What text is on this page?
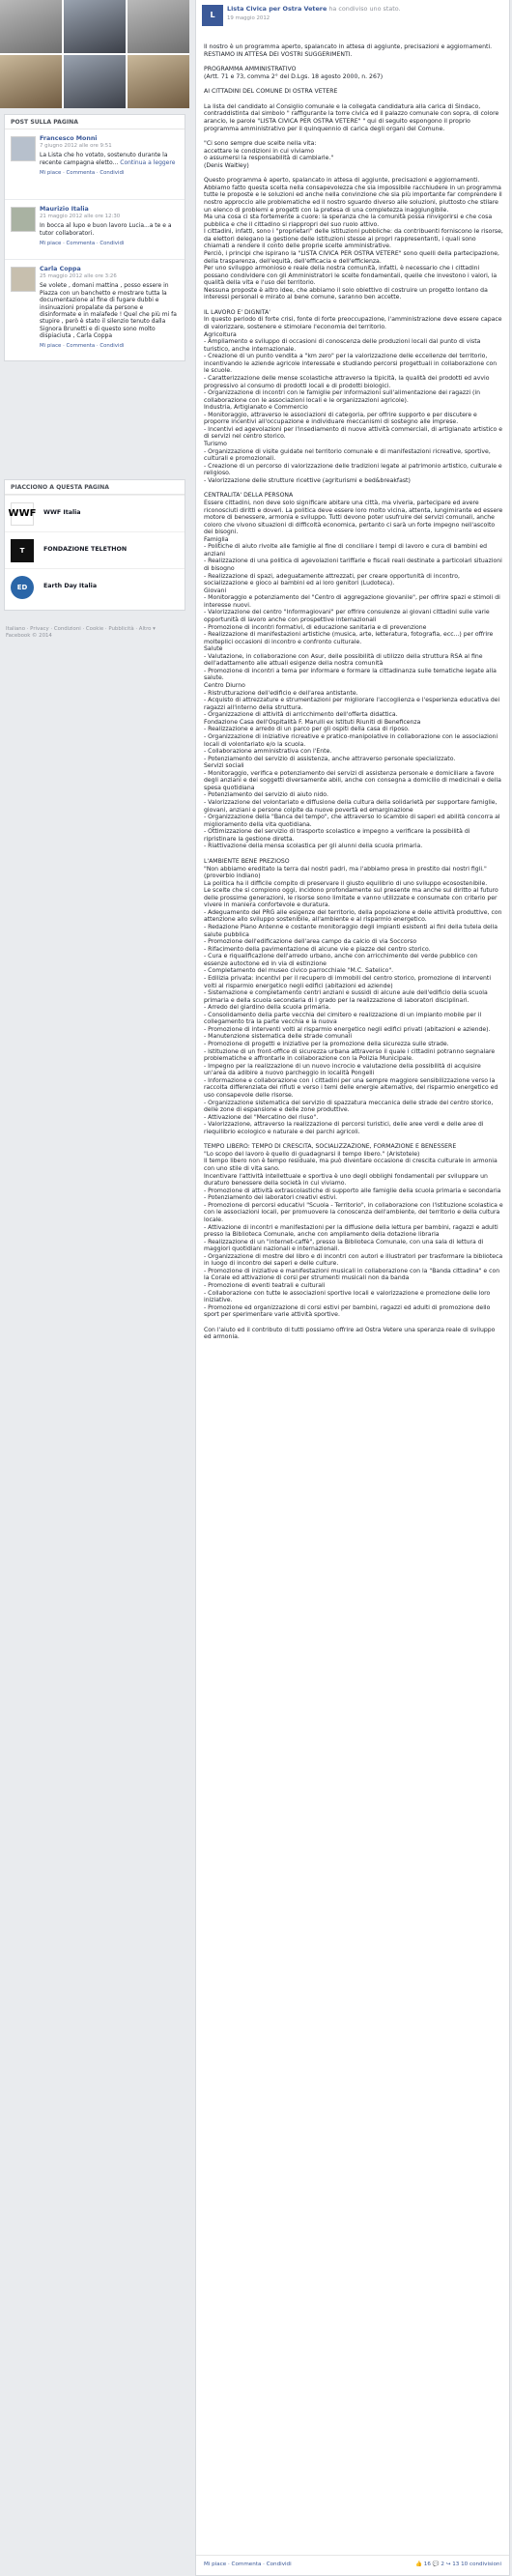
POST SULLA PAGINA
Francesco Monni
7 giugno 2012 alle ore 9:51
La Lista che ho votato, sostenuto durante la recente campagna eletto... Continua a leggere
Mi piace · Commenta · Condividi
Maurizio Italia
21 maggio 2012 alle ore 12:30
In bocca al lupo e buon lavoro Lucia...a te e a tutor collaboratori.
Mi piace · Commenta · Condividi
Carla Coppa
25 maggio 2012 alle ore 3:26
Se volete , domani mattina , posso essere in Piazza con un banchetto e mostrare tutta la documentazione al fine di fugare dubbi e insinuazioni propalate da persone e disinformate e in malafede ! Quel che più mi fa stupire , però è stato il silenzio tenuto dalla Signora Brunetti e di questo sono molto dispiaciuta , Carla Coppa
Mi piace · Commenta · Condividi
PIACCIONO A QUESTA PAGINA
WWF WWF Italia
T	FONDAZIONE TELETHON
ED	Earth Day Italia
Italiano · Privacy · Condizioni · Cookie · Pubblicità · Altro ▾
Facebook © 2014
L
Lista Civica per Ostra Vetere ha condiviso uno stato.
19 maggio 2012

Il nostro è un programma aperto, spalancato in attesa di aggiunte, precisazioni e aggiornamenti.
RESTIAMO IN ATTESA DEI VOSTRI SUGGERIMENTI.

PROGRAMMA AMMINISTRATIVO
(Artt. 71 e 73, comma 2° del D.Lgs. 18 agosto 2000, n. 267)

AI CITTADINI DEL COMUNE DI OSTRA VETERE

La lista del candidato al Consiglio comunale e la collegata candidatura alla carica di Sindaco, contraddistinta dal simbolo " raffigurante la torre civica ed il palazzo comunale con sopra, di colore arancio, le parole "LISTA CIVICA PER OSTRA VETERE" " qui di seguito espongono il proprio programma amministrativo per il quinquennio di carica degli organi del Comune.

"Ci sono sempre due scelte nella vita:
accettare le condizioni in cui viviamo
o assumersi la responsabilità di cambiarle."
(Denis Waitley)

Questo programma è aperto, spalancato in attesa di aggiunte, precisazioni e aggiornamenti. Abbiamo fatto questa scelta nella consapevolezza che sia impossibile racchiudere in un programma tutte le proposte e le soluzioni ed anche nella convinzione che sia più importante far comprendere il nostro approccio alle problematiche ed il nostro sguardo diverso alle soluzioni, piuttosto che stilare un elenco di problemi e progetti con la pretesa di una completezza inaggiungibile.
Ma una cosa ci sta fortemente a cuore: la speranza che la comunità possa rinvigorirsi e che cosa pubblica e che il cittadino si riappropri del suo ruolo attivo.
I cittadini, infatti, sono i "proprietari" delle istituzioni pubbliche: da contribuenti forniscono le risorse, da elettori delegano la gestione delle istituzioni stesse ai propri rappresentanti, i quali sono chiamati a rendere il conto delle proprie scelte amministrative.
Perciò, i principi che ispirano la "LISTA CIVICA PER OSTRA VETERE" sono quelli della partecipazione, della trasparenza, dell'equità, dell'efficacia e dell'efficienza.
Per uno sviluppo armonioso e reale della nostra comunità, infatti, è necessario che i cittadini possano condividere con gli Amministratori le scelte fondamentali, quelle che investono i valori, la qualità della vita e l'uso del territorio.
Nessuna proposte è altro idee, che abbiamo il solo obiettivo di costruire un progetto lontano da interessi personali e mirato al bene comune, saranno ben accette.

IL LAVORO E' DIGNITA'
In questo periodo di forte crisi, fonte di forte preoccupazione, l'amministrazione deve essere capace di valorizzare, sostenere e stimolare l'economia del territorio.
Agricoltura
- Ampliamento e sviluppo di occasioni di conoscenza delle produzioni locali dal punto di vista turistico, anche internazionale.
- Creazione di un punto vendita a "km zero" per la valorizzazione delle eccellenze del territorio, incentivando le aziende agricole interessate e studiando percorsi progettuali in collaborazione con le scuole.
- Caratterizzazione delle mense scolastiche attraverso la tipicità, la qualità dei prodotti ed avvio progressivo al consumo di prodotti locali e di prodotti biologici.
- Organizzazione di incontri con le famiglie per informazioni sull'alimentazione dei ragazzi (in collaborazione con le associazioni locali e le organizzazioni agricole).
Industria, Artigianato e Commercio
- Monitoraggio, attraverso le associazioni di categoria, per offrire supporto e per discutere e proporre incentivi all'occupazione e individuare meccanismi di sostegno alle imprese.
- Incentivi ed agevolazioni per l'insediamento di nuove attività commerciali, di artigianato artistico e di servizi nel centro storico.
Turismo
- Organizzazione di visite guidate nel territorio comunale e di manifestazioni ricreative, sportive, culturali e promozionali.
- Creazione di un percorso di valorizzazione delle tradizioni legate al patrimonio artistico, culturale e religioso.
- Valorizzazione delle strutture ricettive (agriturismi e bed&breakfast)

CENTRALITA' DELLA PERSONA
Essere cittadini, non deve solo significare abitare una città, ma viverla, partecipare ed avere riconosciuti diritti e doveri. La politica deve essere loro molto vicina, attenta, lungimirante ed essere motore di benessere, armonia e sviluppo. Tutti devono poter usufruire dei servizi comunali, anche coloro che vivono situazioni di difficoltà economica, pertanto ci sarà un forte impegno nell'ascolto dei bisogni.
Famiglia
- Politiche di aiuto rivolte alle famiglie al fine di conciliare i tempi di lavoro e cura di bambini ed anziani
- Realizzazione di una politica di agevolazioni tariffarie e fiscali reali destinate a particolari situazioni di bisogno
- Realizzazione di spazi, adeguatamente attrezzati, per creare opportunità di incontro, socializzazione e gioco ai bambini ed ai loro genitori (Ludoteca).
Giovani
- Monitoraggio e potenziamento del "Centro di aggregazione giovanile", per offrire spazi e stimoli di interesse nuovi.
- Valorizzazione del centro "Informagiovani" per offrire consulenze ai giovani cittadini sulle varie opportunità di lavoro anche con prospettive internazionali
- Promozione di incontri formativi, di educazione sanitaria e di prevenzione
- Realizzazione di manifestazioni artistiche (musica, arte, letteratura, fotografia, ecc...) per offrire molteplici occasioni di incontro e confronto culturale.
Salute
- Valutazione, in collaborazione con Asur, delle possibilità di utilizzo della struttura RSA al fine dell'adattamento alle attuali esigenze della nostra comunità
- Promozione di incontri a tema per informare e formare la cittadinanza sulle tematiche legate alla salute.
Centro Diurno
- Ristrutturazione dell'edificio e dell'area antistante.
- Acquisto di attrezzature e strumentazioni per migliorare l'accoglienza e l'esperienza educativa dei ragazzi all'interno della struttura.
- Organizzazione di attività di arricchimento dell'offerta didattica.
Fondazione Casa dell'Ospitalità F. Marulli ex Istituti Riuniti di Beneficenza
- Realizzazione e arredo di un parco per gli ospiti della casa di riposo.
- Organizzazione di iniziative ricreative e pratico-manipolative in collaborazione con le associazioni locali di volontariato e/o la scuola.
- Collaborazione amministrativa con l'Ente.
- Potenziamento del servizio di assistenza, anche attraverso personale specializzato.
Servizi sociali
- Monitoraggio, verifica e potenziamento dei servizi di assistenza personale e domiciliare a favore degli anziani e dei soggetti diversamente abili, anche con consegna a domicilio di medicinali e della spesa quotidiana
- Potenziamento del servizio di aiuto nido.
- Valorizzazione del volontariato e diffusione della cultura della solidarietà per supportare famiglie, giovani, anziani e persone colpite da nuove povertà ed emarginazione
- Organizzazione della "Banca del tempo", che attraverso lo scambio di saperi ed abilità concorra al miglioramento della vita quotidiana.
- Ottimizzazione del servizio di trasporto scolastico e impegno a verificare la possibilità di ripristinare la gestione diretta.
- Riattivazione della mensa scolastica per gli alunni della scuola primaria.

L'AMBIENTE BENE PREZIOSO
"Non abbiamo ereditato la terra dai nostri padri, ma l'abbiamo presa in prestito dai nostri figli."(proverbio indiano)
La politica ha il difficile compito di preservare il giusto equilibrio di uno sviluppo ecosostenibile.
Le scelte che si compiono oggi, incidono profondamente sul presente ma anche sul diritto al futuro delle prossime generazioni, le risorse sono limitate e vanno utilizzate e consumate con criterio per vivere in maniera confortevole e duratura.
- Adeguamento del PRG alle esigenze del territorio, della popolazione e delle attività produttive, con attenzione allo sviluppo sostenibile, all'ambiente e al risparmio energetico.
- Redazione Piano Antenne e costante monitoraggio degli impianti esistenti ai fini della tutela della salute pubblica
- Promozione dell'edificazione dell'area campo da calcio di via Soccorso
- Rifacimento della pavimentazione di alcune vie e piazze del centro storico.
- Cura e riqualificazione dell'arredo urbano, anche con arricchimento del verde pubblico con essenze autoctone ed in via di estinzione
- Completamento del museo civico parrocchiale "M.C. Satelico".
- Edilizia privata: incentivi per il recupero di immobili del centro storico, promozione di interventi volti al risparmio energetico negli edifici (abitazioni ed aziende)
- Sistemazione e completamento centri anziani e sussidi di alcune aule dell'edificio della scuola primaria e della scuola secondaria di I grado per la realizzazione di laboratori disciplinari.
- Arredo del giardino della scuola primaria.
- Consolidamento della parte vecchia del cimitero e realizzazione di un impianto mobile per il collegamento tra la parte vecchia e la nuova
- Promozione di interventi volti al risparmio energetico negli edifici privati (abitazioni e aziende).
- Manutenzione sistematica delle strade comunali
- Promozione di progetti e iniziative per la promozione della sicurezza sulle strade.
- Istituzione di un front-office di sicurezza urbana attraverso il quale i cittadini potranno segnalare problematiche e affrontarle in collaborazione con la Polizia Municipale.
- Impegno per la realizzazione di un nuovo incrocio e valutazione della possibilità di acquisire un'area da adibire a nuovo parcheggio in località Pongelli
- Informazione e collaborazione con i cittadini per una sempre maggiore sensibilizzazione verso la raccolta differenziata dei rifiuti e verso i temi delle energie alternative, del risparmio energetico ed uso consapevole delle risorse.
- Organizzazione sistematica del servizio di spazzatura meccanica delle strade del centro storico, delle zone di espansione e delle zone produttive.
- Attivazione del "Mercatino del riuso".
- Valorizzazione, attraverso la realizzazione di percorsi turistici, delle aree verdi e delle aree di riequilibrio ecologico e naturale e dei parchi agricoli.

TEMPO LIBERO: TEMPO DI CRESCITA, SOCIALIZZAZIONE, FORMAZIONE E BENESSERE
"Lo scopo del lavoro è quello di guadagnarsi il tempo libero." (Aristotele)
Il tempo libero non è tempo residuale, ma può diventare occasione di crescita culturale in armonia con uno stile di vita sano.
Incentivare l'attività intellettuale e sportiva è uno degli obblighi fondamentali per sviluppare un duraturo benessere della società in cui viviamo.
- Promozione di attività extrascolastiche di supporto alle famiglie della scuola primaria e secondaria
- Potenziamento dei laboratori creativi estivi.
- Promozione di percorsi educativi "Scuola - Territorio", in collaborazione con l'istituzione scolastica e con le associazioni locali, per promuovere la conoscenza dell'ambiente, del territorio e della cultura locale.
- Attivazione di incontri e manifestazioni per la diffusione della lettura per bambini, ragazzi e adulti presso la Biblioteca Comunale, anche con ampliamento della dotazione libraria
- Realizzazione di un "internet-caffè", presso la Biblioteca Comunale, con una sala di lettura di maggiori quotidiani nazionali e internazionali.
- Organizzazione di mostre del libro e di incontri con autori e illustratori per trasformare la biblioteca in luogo di incontro dei saperi e delle culture.
- Promozione di iniziative e manifestazioni musicali in collaborazione con la "Banda cittadina" e con la Corale ed attivazione di corsi per strumenti musicali non da banda
- Promozione di eventi teatrali e culturali
- Collaborazione con tutte le associazioni sportive locali e valorizzazione e promozione delle loro iniziative.
- Promozione ed organizzazione di corsi estivi per bambini, ragazzi ed adulti di promozione dello sport per sperimentare varie attività sportive.

Con l'aiuto ed il contributo di tutti possiamo offrire ad Ostra Vetere una speranza reale di sviluppo ed armonia.

Mi piace · Commenta · Condividi	👍 16 💬 2 ↪ 13 10 condivisioni
